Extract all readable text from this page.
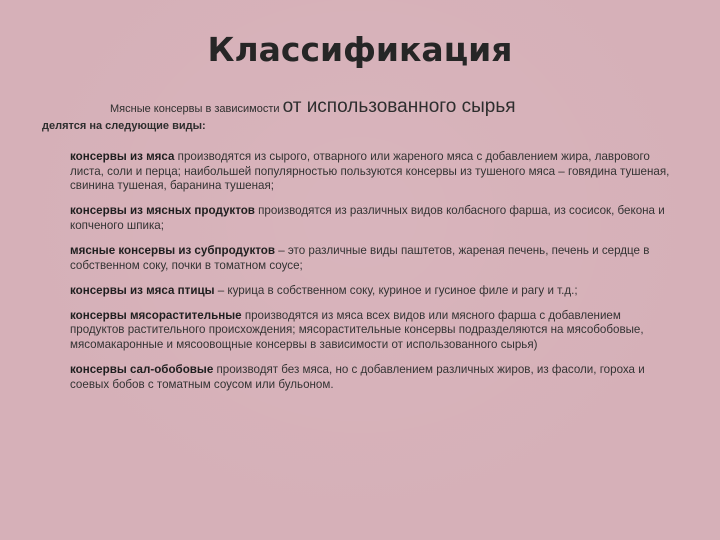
Классификация
Мясные консервы в зависимости от использованного сырья
делятся на следующие виды:
консервы из мяса производятся из сырого, отварного или жареного мяса с добавлением жира, лаврового листа, соли и перца; наибольшей популярностью пользуются консервы из тушеного мяса – говядина тушеная, свинина тушеная, баранина тушеная;
консервы из мясных продуктов производятся из различных видов колбасного фарша, из сосисок, бекона и копченого шпика;
мясные консервы из субпродуктов – это различные виды паштетов, жареная печень, печень и сердце в собственном соку, почки в томатном соусе;
консервы из мяса птицы – курица в собственном соку, куриное и гусиное филе и рагу и т.д.;
консервы мясорастительные производятся из мяса всех видов или мясного фарша с добавлением продуктов растительного происхождения; мясорастительные консервы подразделяются на мясобобовые, мясомакаронные и мясоовощные консервы в зависимости от использованного сырья)
консервы сал-обобовые производят без мяса, но с добавлением различных жиров, из фасоли, гороха и соевых бобов с томатным соусом или бульоном.
